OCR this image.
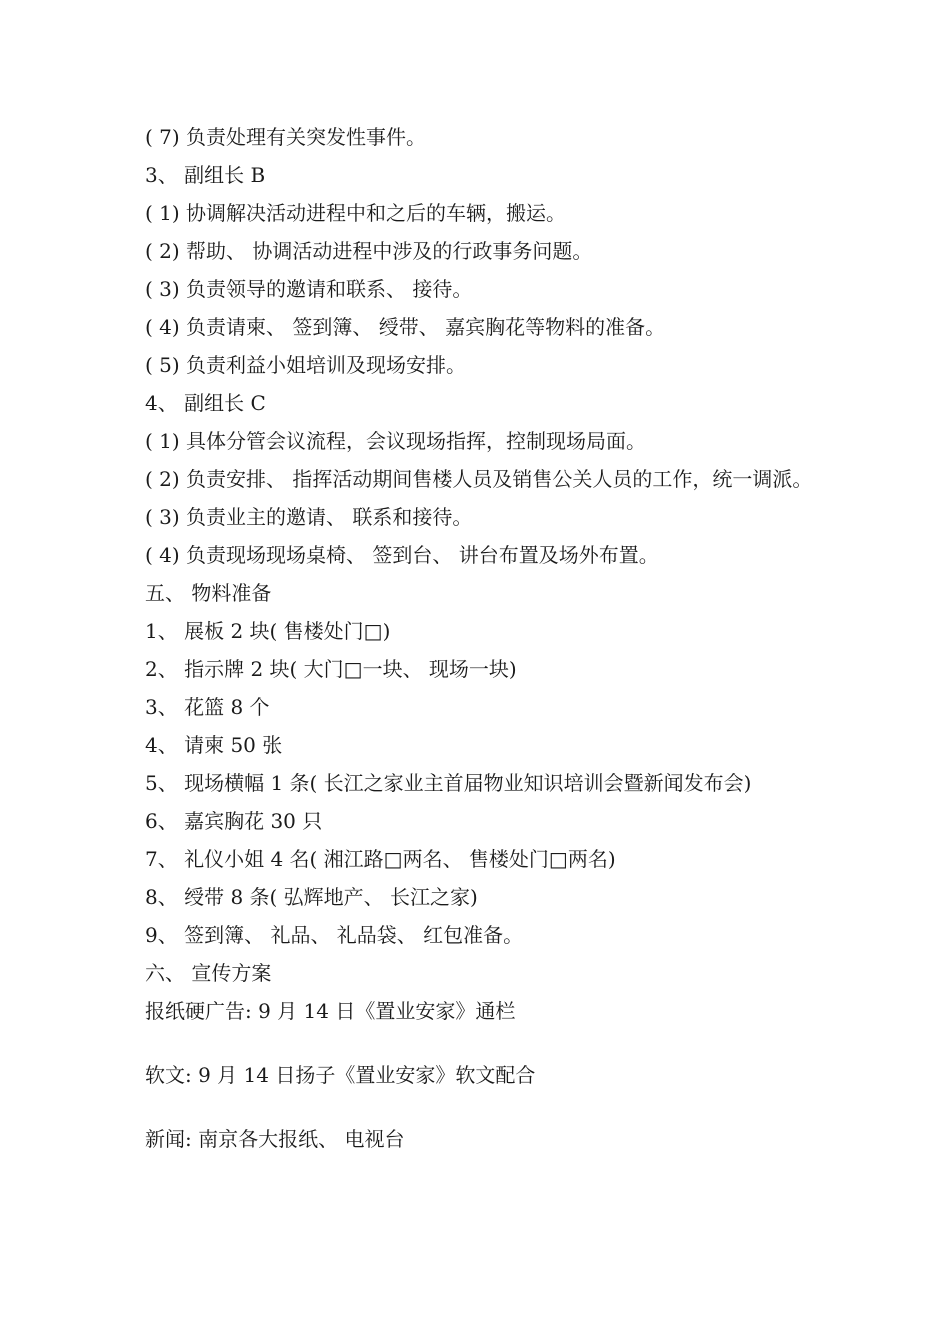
( 7) 负责处理有关突发性事件。
3、 副组长 B
( 1) 协调解决活动进程中和之后的车辆，搬运。
( 2) 帮助、 协调活动进程中涉及的行政事务问题。
( 3) 负责领导的邀请和联系、 接待。
( 4) 负责请柬、 签到簿、 绶带、 嘉宾胸花等物料的准备。
( 5) 负责利益小姐培训及现场安排。
4、 副组长 C
( 1) 具体分管会议流程，会议现场指挥，控制现场局面。
( 2) 负责安排、 指挥活动期间售楼人员及销售公关人员的工作，统一调派。
( 3) 负责业主的邀请、 联系和接待。
( 4) 负责现场现场桌椅、 签到台、 讲台布置及场外布置。
五、 物料准备
1、 展板 2 块( 售楼处门□)
2、 指示牌 2 块( 大门□一块、 现场一块)
3、 花篮 8 个
4、 请柬 50 张
5、 现场横幅 1 条( 长江之家业主首届物业知识培训会暨新闻发布会)
6、 嘉宾胸花 30 只
7、 礼仪小姐 4 名( 湘江路□两名、 售楼处门□两名)
8、 绶带 8 条( 弘辉地产、 长江之家)
9、 签到簿、 礼品、 礼品袋、 红包准备。
六、 宣传方案
报纸硬广告: 9 月 14 日《置业安家》通栏
软文: 9 月 14 日扬子《置业安家》软文配合
新闻: 南京各大报纸、 电视台
